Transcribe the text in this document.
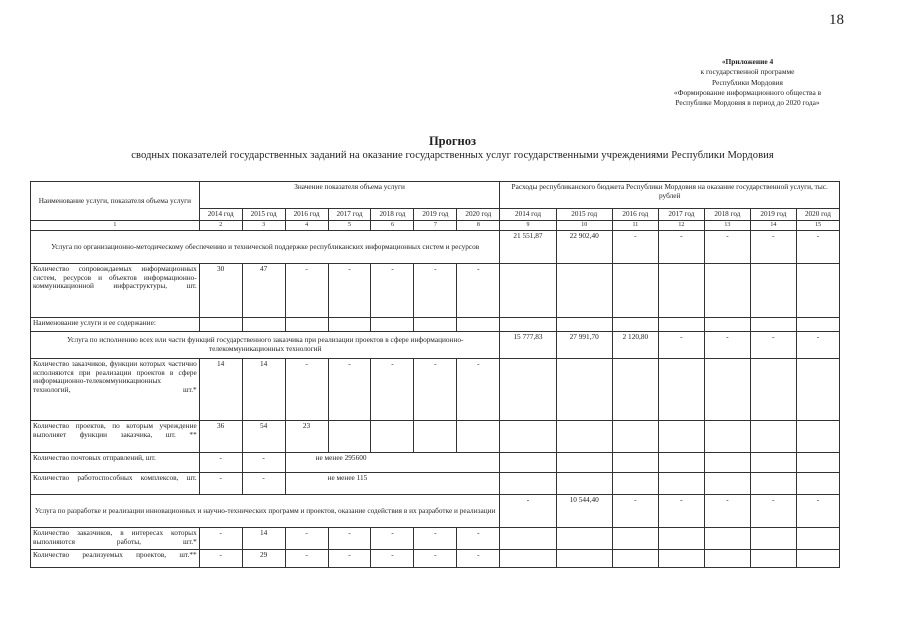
18
«Приложение 4
к государственной программе
Республики Мордовия
«Формирование информационного общества в
Республике Мордовия в период до 2020 года»
Прогноз
сводных показателей государственных заданий на оказание государственных услуг государственными учреждениями Республики Мордовия
Наименование услуги, показателя объема услуги	Значение показателя объема услуги							Расходы республиканского бюджета Республики Мордовия на оказание государственной услуги, тыс. рублей						
	2014 год	2015 год	2016 год	2017 год	2018 год	2019 год	2020 год	2014 год	2015 год	2016 год	2017 год	2018 год	2019 год	2020 год
1	2	3	4	5	6	7	8	9	10	11	12	13	14	15
Услуга по организационно-методическому обеспечению и технической поддержке республиканских информационных систем и ресурсов								21 551,87	22 902,40	-	-	-	-	-
Количество сопровождаемых информационных систем, ресурсов и объектов информационно-коммуникационной инфраструктуры, шт.	30	47	-	-	-	-	-							
Наименование услуги и ее содержание:														
Услуга по исполнению всех или части функций государственного заказчика при реализации проектов в сфере информационно-телекоммуникационных технологий								15 777,83	27 991,70	2 120,80	-	-	-	-
Количество заказчиков, функции которых частично исполняются при реализации проектов в сфере информационно-телекоммуникационных технологий, шт.*	14	14	-	-	-	-	-							
Количество проектов, по которым учреждение выполняет функции заказчика, шт. **	36	54	23											
Количество почтовых отправлений, шт.	-	-	не менее 295600											
Количество работоспособных комплексов, шт.	-	-	не менее 115											
Услуга по разработке и реализации инновационных и научно-технических программ и проектов, оказание содействия в их разработке и реализации								-	10 544,40	-	-	-	-	-
Количество заказчиков, в интересах которых выполняются работы, шт.*	-	14	-	-	-	-	-							
Количество реализуемых проектов, шт.**	-	29	-	-	-	-	-							
